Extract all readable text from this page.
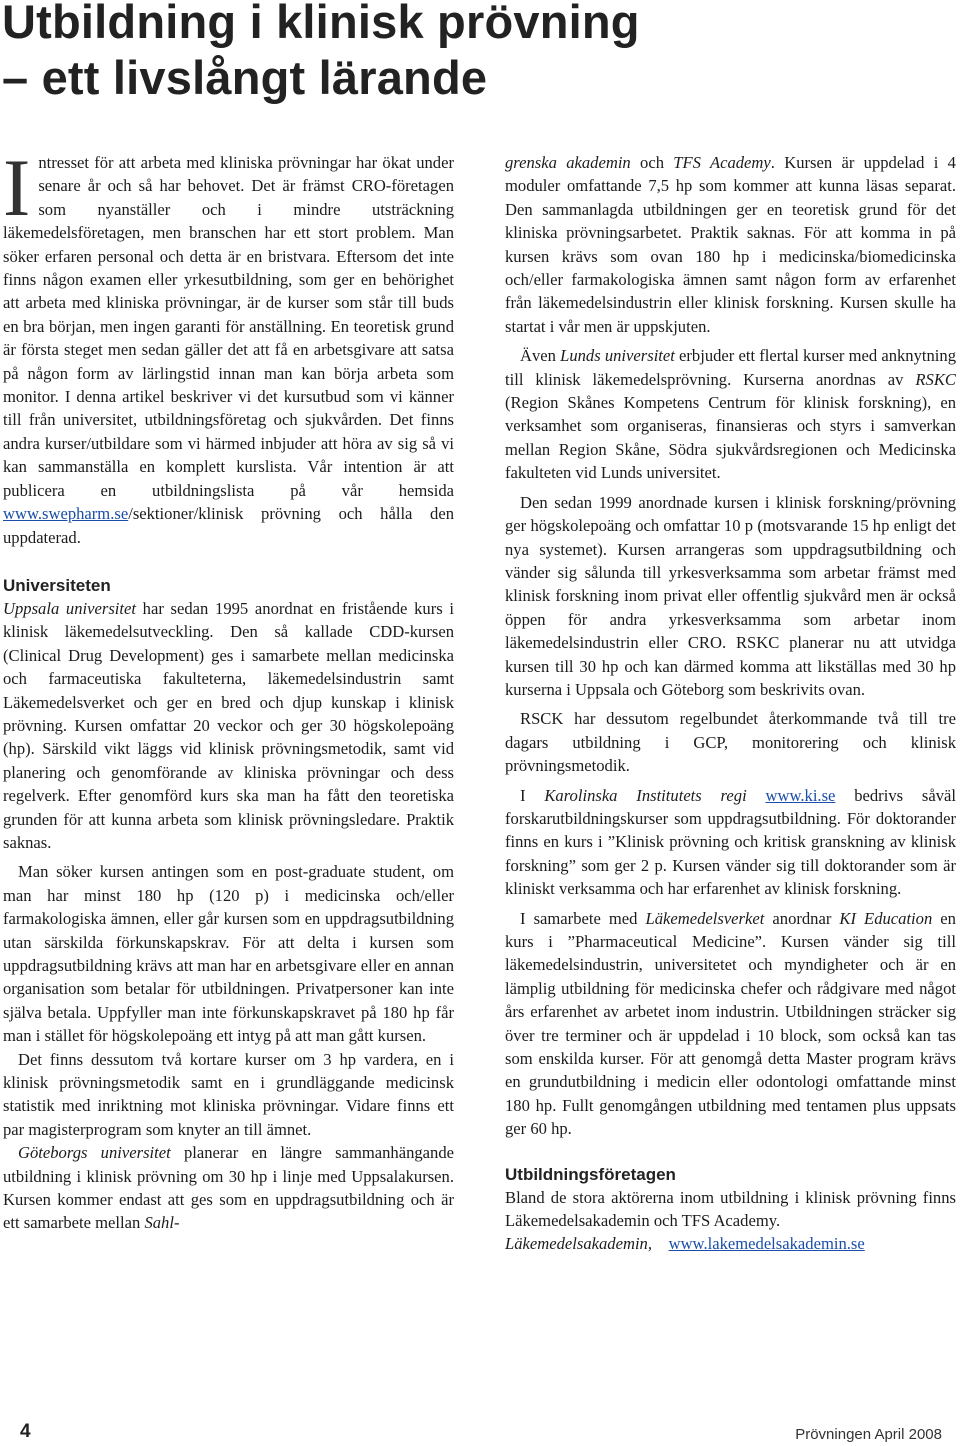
Utbildning i klinisk prövning
– ett livslångt lärande

Intresset för att arbeta med kliniska prövningar har ökat under senare år och så har behovet. Det är främst CRO-företagen som nyanställer och i mindre utsträckning läkemedelsföretagen, men branschen har ett stort problem. Man söker erfaren personal och detta är en bristvara. Eftersom det inte finns någon examen eller yrkesutbildning, som ger en behörighet att arbeta med kliniska prövningar, är de kurser som står till buds en bra början, men ingen garanti för anställning. En teoretisk grund är första steget men sedan gäller det att få en arbetsgivare att satsa på någon form av lärlingstid innan man kan börja arbeta som monitor. I denna artikel beskriver vi det kursutbud som vi känner till från universitet, utbildningsföretag och sjukvården. Det finns andra kurser/utbildare som vi härmed inbjuder att höra av sig så vi kan sammanställa en komplett kurslista. Vår intention är att publicera en utbildningslista på vår hemsida www.swepharm.se/sektioner/klinisk prövning och hålla den uppdaterad.

Universiteten

Uppsala universitet har sedan 1995 anordnat en fristående kurs i klinisk läkemedelsutveckling. Den så kallade CDD-kursen (Clinical Drug Development) ges i samarbete mellan medicinska och farmaceutiska fakulteterna, läkemedelsindustrin samt Läkemedelsverket och ger en bred och djup kunskap i klinisk prövning. Kursen omfattar 20 veckor och ger 30 högskolepoäng (hp). Särskild vikt läggs vid klinisk prövningsmetodik, samt vid planering och genomförande av kliniska prövningar och dess regelverk. Efter genomförd kurs ska man ha fått den teoretiska grunden för att kunna arbeta som klinisk prövningsledare. Praktik saknas.

Man söker kursen antingen som en post-graduate student, om man har minst 180 hp (120 p) i medicinska och/eller farmakologiska ämnen, eller går kursen som en uppdragsutbildning utan särskilda förkunskapskrav. För att delta i kursen som uppdragsutbildning krävs att man har en arbetsgivare eller en annan organisation som betalar för utbildningen. Privatpersoner kan inte själva betala. Uppfyller man inte förkunskapskravet på 180 hp får man i stället för högskolepoäng ett intyg på att man gått kursen.

Det finns dessutom två kortare kurser om 3 hp vardera, en i klinisk prövningsmetodik samt en i grundläggande medicinsk statistik med inriktning mot kliniska prövningar. Vidare finns ett par magisterprogram som knyter an till ämnet.

Göteborgs universitet planerar en längre sammanhängande utbildning i klinisk prövning om 30 hp i linje med Uppsalakursen. Kursen kommer endast att ges som en uppdragsutbildning och är ett samarbete mellan Sahl-

grenska akademin och TFS Academy. Kursen är uppdelad i 4 moduler omfattande 7,5 hp som kommer att kunna läsas separat. Den sammanlagda utbildningen ger en teoretisk grund för det kliniska prövningsarbetet. Praktik saknas. För att komma in på kursen krävs som ovan 180 hp i medicinska/biomedicinska och/eller farmakologiska ämnen samt någon form av erfarenhet från läkemedelsindustrin eller klinisk forskning. Kursen skulle ha startat i vår men är uppskjuten.

Även Lunds universitet erbjuder ett flertal kurser med anknytning till klinisk läkemedelsprövning. Kurserna anordnas av RSKC (Region Skånes Kompetens Centrum för klinisk forskning), en verksamhet som organiseras, finansieras och styrs i samverkan mellan Region Skåne, Södra sjukvårdsregionen och Medicinska fakulteten vid Lunds universitet.

Den sedan 1999 anordnade kursen i klinisk forskning/prövning ger högskolepoäng och omfattar 10 p (motsvarande 15 hp enligt det nya systemet). Kursen arrangeras som uppdragsutbildning och vänder sig sålunda till yrkesverksamma som arbetar främst med klinisk forskning inom privat eller offentlig sjukvård men är också öppen för andra yrkesverksamma som arbetar inom läkemedelsindustrin eller CRO. RSKC planerar nu att utvidga kursen till 30 hp och kan därmed komma att likställas med 30 hp kurserna i Uppsala och Göteborg som beskrivits ovan.

RSCK har dessutom regelbundet återkommande två till tre dagars utbildning i GCP, monitorering och klinisk prövningsmetodik.

I Karolinska Institutets regi www.ki.se bedrivs såväl forskarutbildningskurser som uppdragsutbildning. För doktorander finns en kurs i ”Klinisk prövning och kritisk granskning av klinisk forskning” som ger 2 p. Kursen vänder sig till doktorander som är kliniskt verksamma och har erfarenhet av klinisk forskning.

I samarbete med Läkemedelsverket anordnar KI Education en kurs i ”Pharmaceutical Medicine”. Kursen vänder sig till läkemedelsindustrin, universitetet och myndigheter och är en lämplig utbildning för medicinska chefer och rådgivare med något års erfarenhet av arbetet inom industrin. Utbildningen sträcker sig över tre terminer och är uppdelad i 10 block, som också kan tas som enskilda kurser. För att genomgå detta Master program krävs en grundutbildning i medicin eller odontologi omfattande minst 180 hp. Fullt genomgången utbildning med tentamen plus uppsats ger 60 hp.

Utbildningsföretagen

Bland de stora aktörerna inom utbildning i klinisk prövning finns Läkemedelsakademin och TFS Academy.

Läkemedelsakademin, www.lakemedelsakademin.se

4	Prövningen April 2008
